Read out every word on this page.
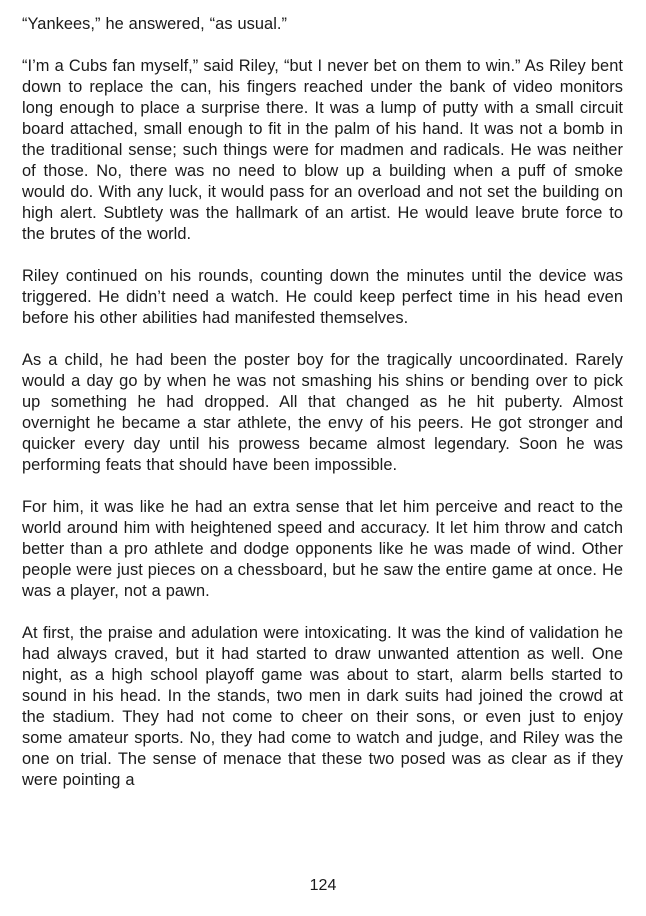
“Yankees,” he answered, “as usual.”

“I’m a Cubs fan myself,” said Riley, “but I never bet on them to win.” As Riley bent down to replace the can, his fingers reached under the bank of video monitors long enough to place a surprise there. It was a lump of putty with a small circuit board attached, small enough to fit in the palm of his hand. It was not a bomb in the traditional sense; such things were for madmen and radicals. He was neither of those. No, there was no need to blow up a building when a puff of smoke would do. With any luck, it would pass for an overload and not set the building on high alert. Subtlety was the hallmark of an artist. He would leave brute force to the brutes of the world.

Riley continued on his rounds, counting down the minutes until the device was triggered. He didn’t need a watch. He could keep perfect time in his head even before his other abilities had manifested themselves.

As a child, he had been the poster boy for the tragically uncoordinated. Rarely would a day go by when he was not smashing his shins or bending over to pick up something he had dropped. All that changed as he hit puberty. Almost overnight he became a star athlete, the envy of his peers. He got stronger and quicker every day until his prowess became almost legendary. Soon he was performing feats that should have been impossible.

For him, it was like he had an extra sense that let him perceive and react to the world around him with heightened speed and accuracy. It let him throw and catch better than a pro athlete and dodge opponents like he was made of wind. Other people were just pieces on a chessboard, but he saw the entire game at once. He was a player, not a pawn.

At first, the praise and adulation were intoxicating. It was the kind of validation he had always craved, but it had started to draw unwanted attention as well. One night, as a high school playoff game was about to start, alarm bells started to sound in his head. In the stands, two men in dark suits had joined the crowd at the stadium. They had not come to cheer on their sons, or even just to enjoy some amateur sports. No, they had come to watch and judge, and Riley was the one on trial. The sense of menace that these two posed was as clear as if they were pointing a

124
